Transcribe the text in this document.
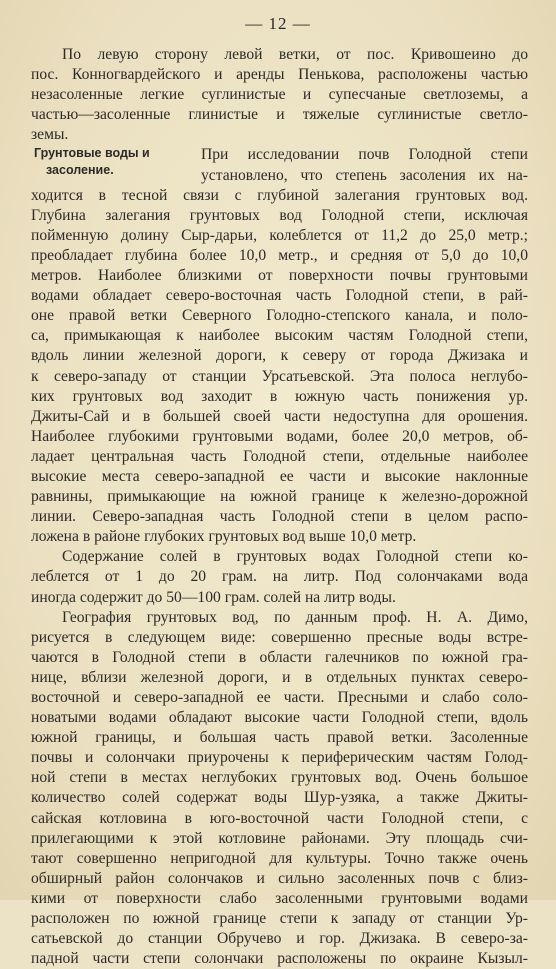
— 12 —
Грунтовые воды и
засоление.
По левую сторону левой ветки, от пос. Кривошеино до
пос. Конногвардейского и аренды Пенькова, расположены частью
незасоленные легкие суглинистые и супесчаные светлоземы, а
частью—засоленные глинистые и тяжелые суглинистые светло-
земы.
При исследовании почв Голодной степи
установлено, что степень засоления их на-
ходится в тесной связи с глубиной залегания грунтовых вод.
Глубина залегания грунтовых вод Голодной степи, исключая
пойменную долину Сыр-дарьи, колеблется от 11,2 до 25,0 метр.;
преобладает глубина более 10,0 метр., и средняя от 5,0 до 10,0
метров. Наиболее близкими от поверхности почвы грунтовыми
водами обладает северо-восточная часть Голодной степи, в рай-
оне правой ветки Северного Голодно-степского канала, и поло-
са, примыкающая к наиболее высоким частям Голодной степи,
вдоль линии железной дороги, к северу от города Джизака и
к северо-западу от станции Урсатьевской. Эта полоса неглубо-
ких грунтовых вод заходит в южную часть понижения ур.
Джиты-Сай и в большей своей части недоступна для орошения.
Наиболее глубокими грунтовыми водами, более 20,0 метров, об-
ладает центральная часть Голодной степи, отдельные наиболее
высокие места северо-западной ее части и высокие наклонные
равнины, примыкающие на южной границе к железно-дорожной
линии. Северо-западная часть Голодной степи в целом распо-
ложена в районе глубоких грунтовых вод выше 10,0 метр.
Содержание солей в грунтовых водах Голодной степи ко-
леблется от 1 до 20 грам. на литр. Под солончаками вода
иногда содержит до 50—100 грам. солей на литр воды.
География грунтовых вод, по данным проф. Н. А. Димо,
рисуется в следующем виде: совершенно пресные воды встре-
чаются в Голодной степи в области галечников по южной гра-
нице, вблизи железной дороги, и в отдельных пунктах северо-
восточной и северо-западной ее части. Пресными и слабо соло-
новатыми водами обладают высокие части Голодной степи, вдоль
южной границы, и большая часть правой ветки. Засоленные
почвы и солончаки приурочены к периферическим частям Голод-
ной степи в местах неглубоких грунтовых вод. Очень большое
количество солей содержат воды Шур-узяка, а также Джиты-
сайская котловина в юго-восточной части Голодной степи, с
прилегающими к этой котловине районами. Эту площадь счи-
тают совершенно непригодной для культуры. Точно также очень
обширный район солончаков и сильно засоленных почв с близ-
кими от поверхности слабо засоленными грунтовыми водами
расположен по южной границе степи к западу от станции Ур-
сатьевской до станции Обручево и гор. Джизака. В северо-за-
падной части степи солончаки расположены по окраине Кызыл-
